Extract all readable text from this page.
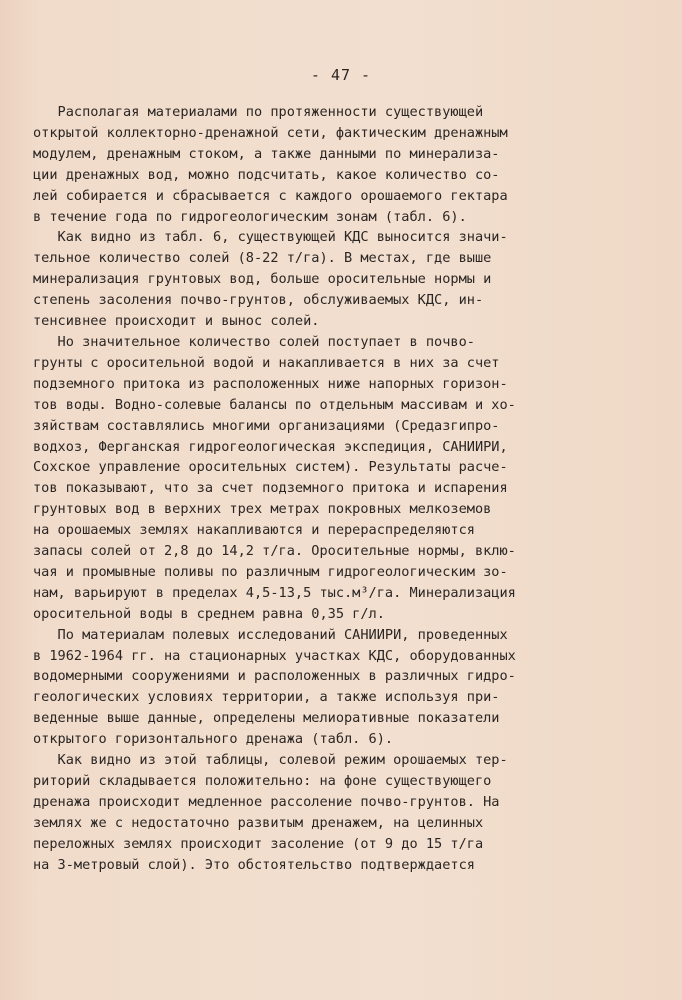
- 47 -
Располагая материалами по протяженности существующей
открытой коллекторно-дренажной сети, фактическим дренажным
модулем, дренажным стоком, а также данными по минерализа-
ции дренажных вод, можно подсчитать, какое количество со-
лей собирается и сбрасывается с каждого орошаемого гектара
в течение года по гидрогеологическим зонам (табл. 6).
Как видно из табл. 6, существующей КДС выносится значи-
тельное количество солей (8-22 т/га). В местах, где выше
минерализация грунтовых вод, больше оросительные нормы и
степень засоления почво-грунтов, обслуживаемых КДС, ин-
тенсивнее происходит и вынос солей.
Но значительное количество солей поступает в почво-
грунты с оросительной водой и накапливается в них за счет
подземного притока из расположенных ниже напорных горизон-
тов воды. Водно-солевые балансы по отдельным массивам и хо-
зяйствам составлялись многими организациями (Средазгипро-
водхоз, Ферганская гидрогеологическая экспедиция, САНИИРИ,
Сохское управление оросительных систем). Результаты расче-
тов показывают, что за счет подземного притока и испарения
грунтовых вод в верхних трех метрах покровных мелкоземов
на орошаемых землях накапливаются и перераспределяются
запасы солей от 2,8 до 14,2 т/га. Оросительные нормы, вклю-
чая и промывные поливы по различным гидрогеологическим зо-
нам, варьируют в пределах 4,5-13,5 тыс.м³/га. Минерализация
оросительной воды в среднем равна 0,35 г/л.
По материалам полевых исследований САНИИРИ, проведенных
в 1962-1964 гг. на стационарных участках КДС, оборудованных
водомерными сооружениями и расположенных в различных гидро-
геологических условиях территории, а также используя при-
веденные выше данные, определены мелиоративные показатели
открытого горизонтального дренажа (табл. 6).
Как видно из этой таблицы, солевой режим орошаемых тер-
риторий складывается положительно: на фоне существующего
дренажа происходит медленное рассоление почво-грунтов. На
землях же с недостаточно развитым дренажем, на целинных
переложных землях происходит засоление (от 9 до 15 т/га
на 3-метровый слой). Это обстоятельство подтверждается
